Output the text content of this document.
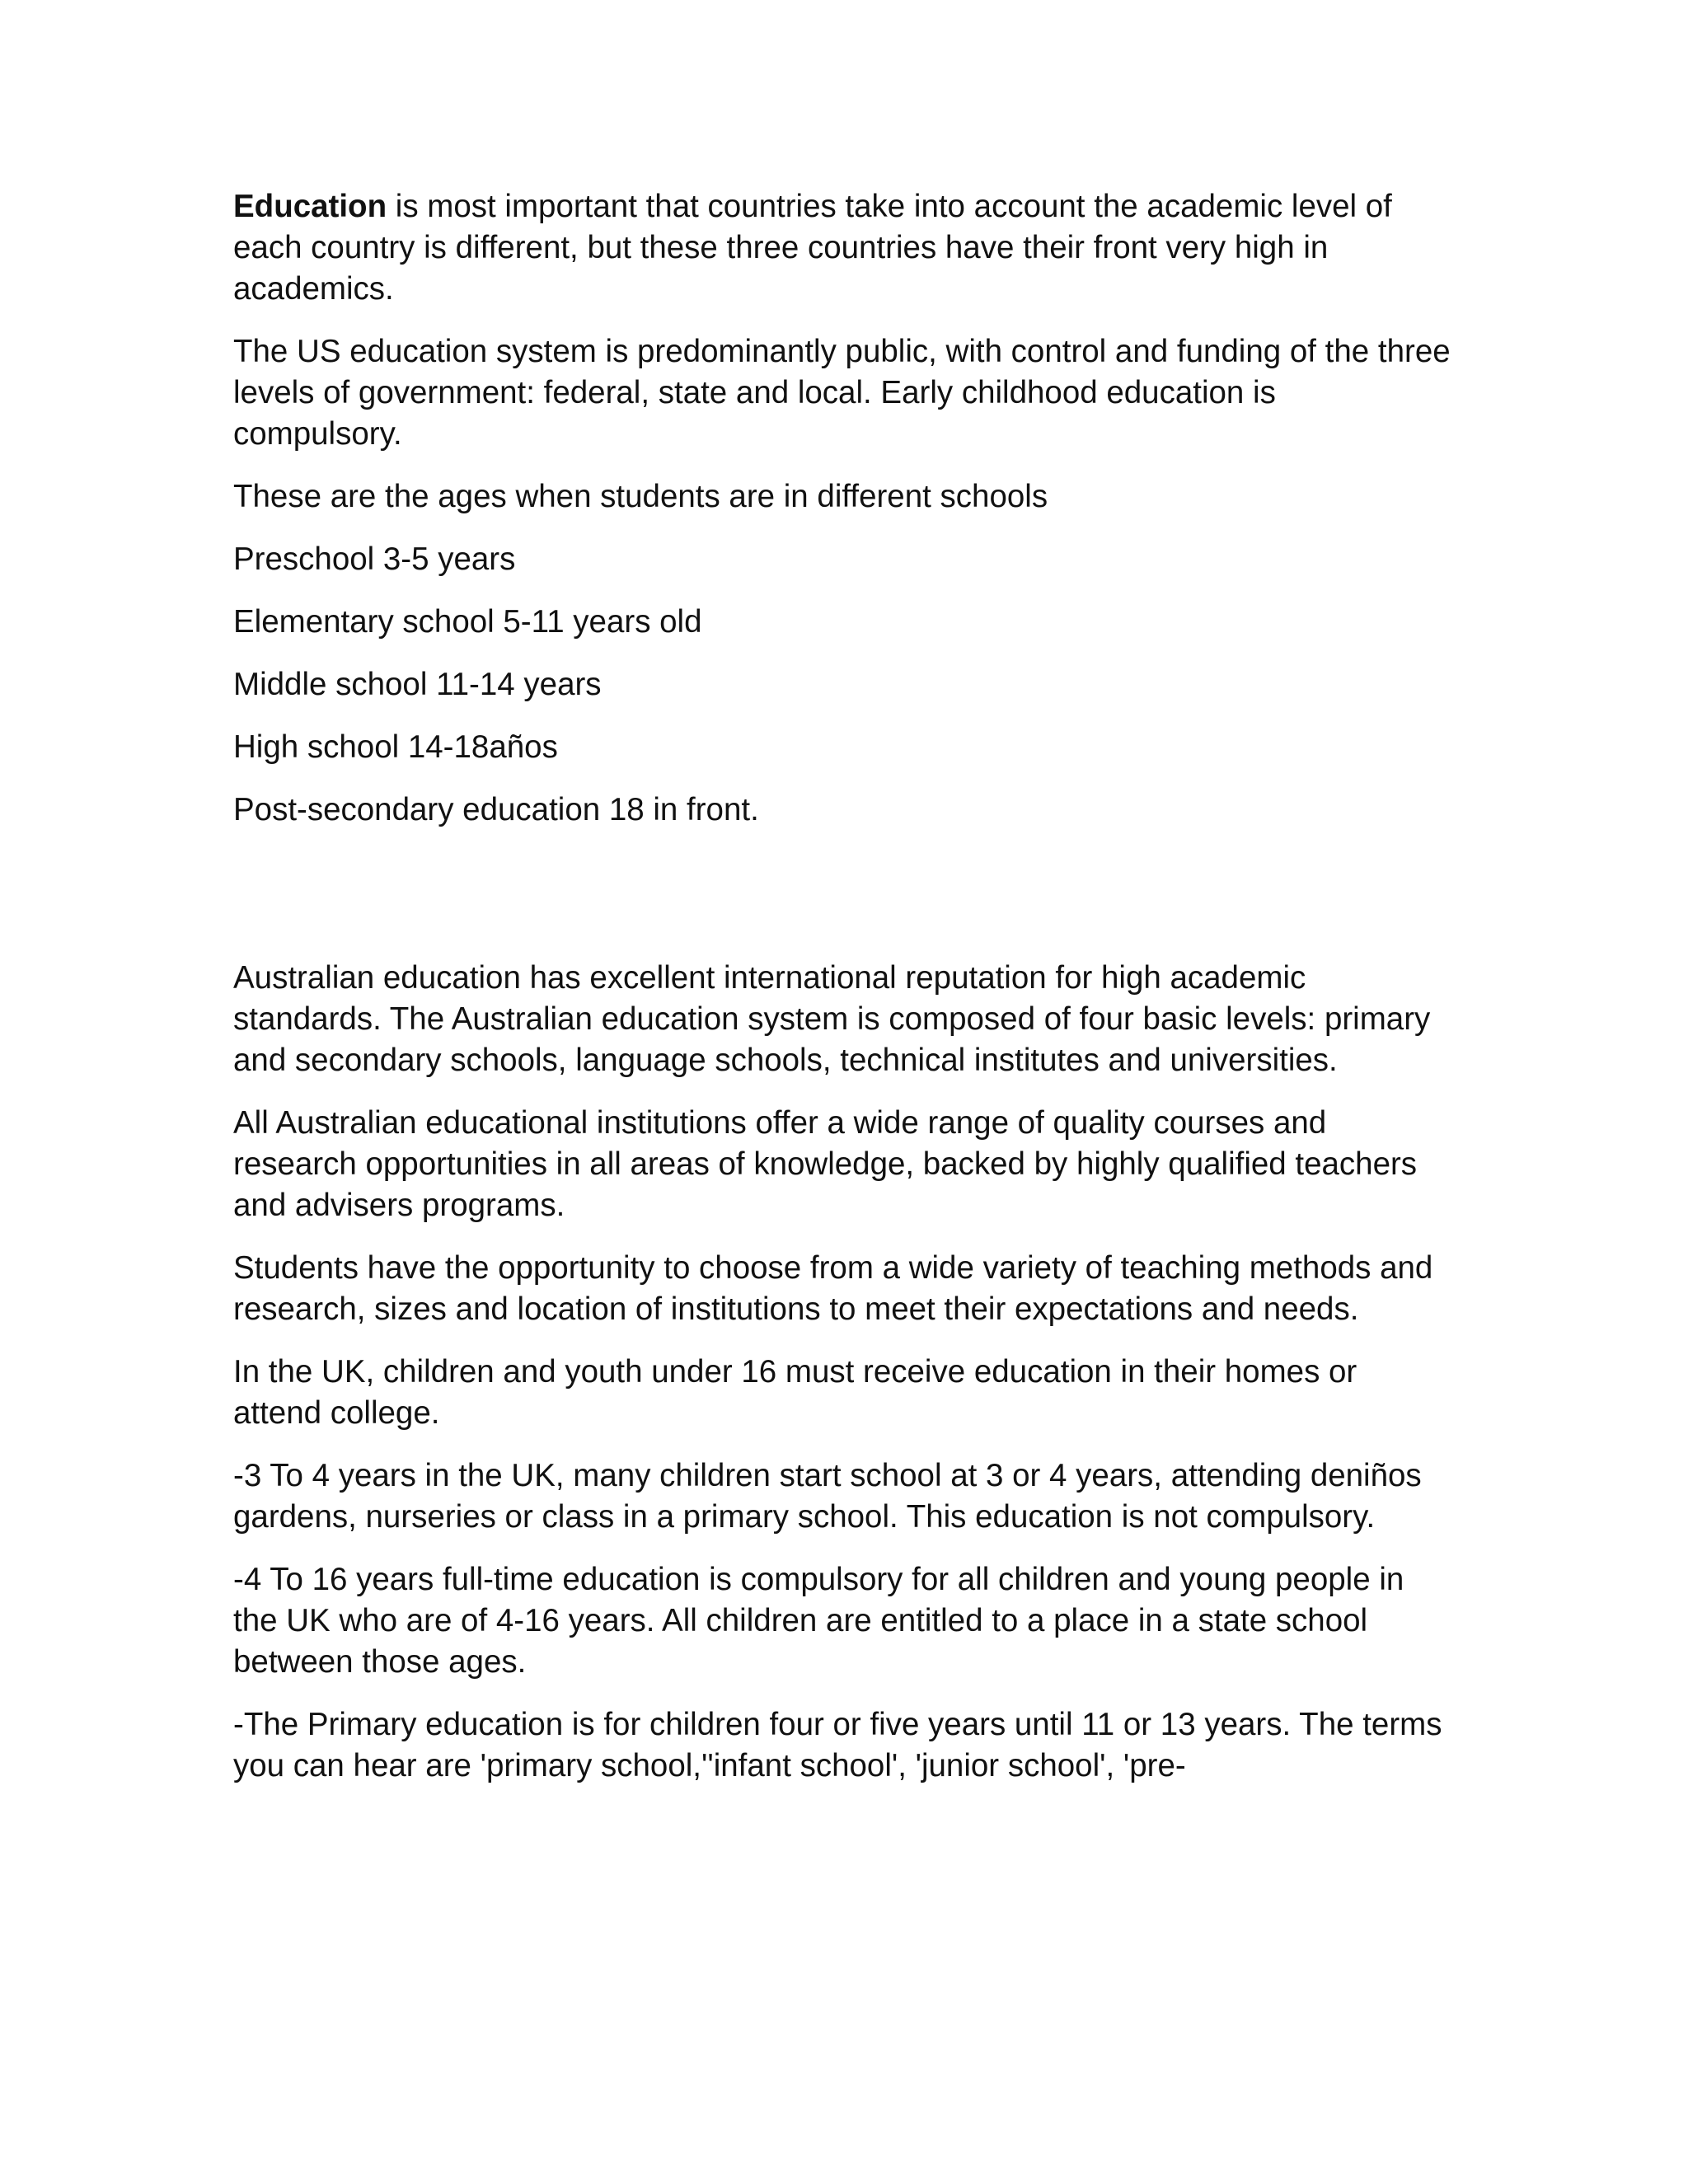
Education is most important that countries take into account the academic level of each country is different, but these three countries have their front very high in academics.

The US education system is predominantly public, with control and funding of the three levels of government: federal, state and local. Early childhood education is compulsory.

These are the ages when students are in different schools

Preschool 3-5 years

Elementary school 5-11 years old

Middle school 11-14 years

High school 14-18años

Post-secondary education 18 in front.

Australian education has excellent international reputation for high academic standards. The Australian education system is composed of four basic levels: primary and secondary schools, language schools, technical institutes and universities.

All Australian educational institutions offer a wide range of quality courses and research opportunities in all areas of knowledge, backed by highly qualified teachers and advisers programs.

Students have the opportunity to choose from a wide variety of teaching methods and research, sizes and location of institutions to meet their expectations and needs.

In the UK, children and youth under 16 must receive education in their homes or attend college.

-3 To 4 years in the UK, many children start school at 3 or 4 years, attending deniños gardens, nurseries or class in a primary school. This education is not compulsory.

-4 To 16 years full-time education is compulsory for all children and young people in the UK who are of 4-16 years. All children are entitled to a place in a state school between those ages.

-The Primary education is for children four or five years until 11 or 13 years. The terms you can hear are 'primary school,''infant school', 'junior school', 'pre-
